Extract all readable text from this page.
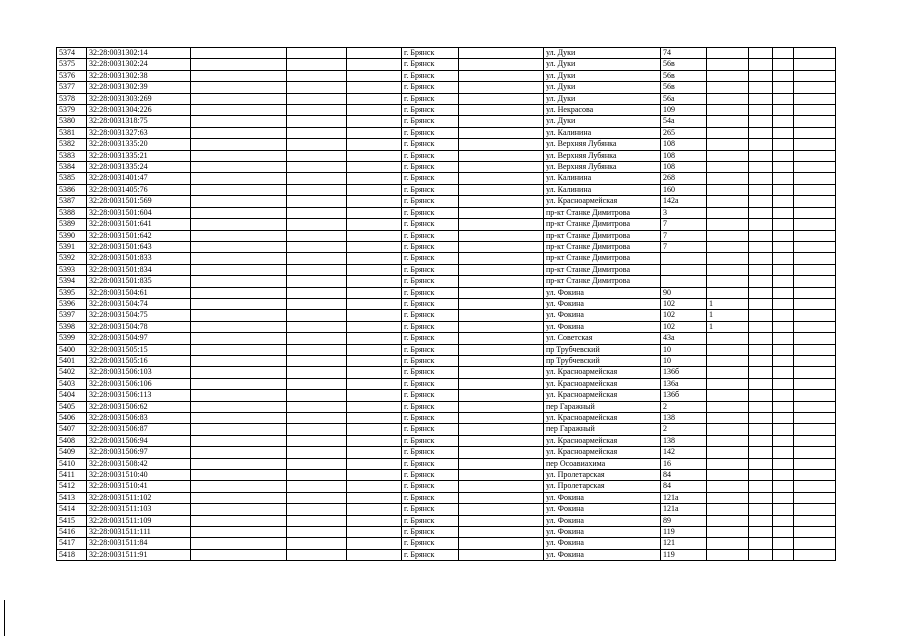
5374	32:28:0031302:14				г. Брянск		ул. Дуки	74				
5375	32:28:0031302:24				г. Брянск		ул. Дуки	56в				
5376	32:28:0031302:38				г. Брянск		ул. Дуки	56в				
5377	32:28:0031302:39				г. Брянск		ул. Дуки	56в				
5378	32:28:0031303:269				г. Брянск		ул. Дуки	56а				
5379	32:28:0031304:226				г. Брянск		ул. Некрасова	109				
5380	32:28:0031318:75				г. Брянск		ул. Дуки	54а				
5381	32:28:0031327:63				г. Брянск		ул. Калинина	265				
5382	32:28:0031335:20				г. Брянск		ул. Верхняя Лубянка	108				
5383	32:28:0031335:21				г. Брянск		ул. Верхняя Лубянка	108				
5384	32:28:0031335:24				г. Брянск		ул. Верхняя Лубянка	108				
5385	32:28:0031401:47				г. Брянск		ул. Калинина	268				
5386	32:28:0031405:76				г. Брянск		ул. Калинина	160				
5387	32:28:0031501:569				г. Брянск		ул. Красноармейская	142а				
5388	32:28:0031501:604				г. Брянск		пр-кт Станке Димитрова	3				
5389	32:28:0031501:641				г. Брянск		пр-кт Станке Димитрова	7				
5390	32:28:0031501:642				г. Брянск		пр-кт Станке Димитрова	7				
5391	32:28:0031501:643				г. Брянск		пр-кт Станке Димитрова	7				
5392	32:28:0031501:833				г. Брянск		пр-кт Станке Димитрова					
5393	32:28:0031501:834				г. Брянск		пр-кт Станке Димитрова					
5394	32:28:0031501:835				г. Брянск		пр-кт Станке Димитрова					
5395	32:28:0031504:61				г. Брянск		ул. Фокина	90				
5396	32:28:0031504:74				г. Брянск		ул. Фокина	102	1			
5397	32:28:0031504:75				г. Брянск		ул. Фокина	102	1			
5398	32:28:0031504:78				г. Брянск		ул. Фокина	102	1			
5399	32:28:0031504:97				г. Брянск		ул. Советская	43а				
5400	32:28:0031505:15				г. Брянск		пр Трубчевский	10				
5401	32:28:0031505:16				г. Брянск		пр Трубчевский	10				
5402	32:28:0031506:103				г. Брянск		ул. Красноармейская	136б				
5403	32:28:0031506:106				г. Брянск		ул. Красноармейская	136а				
5404	32:28:0031506:113				г. Брянск		ул. Красноармейская	136б				
5405	32:28:0031506:62				г. Брянск		пер Гаражный	2				
5406	32:28:0031506:83				г. Брянск		ул. Красноармейская	138				
5407	32:28:0031506:87				г. Брянск		пер Гаражный	2				
5408	32:28:0031506:94				г. Брянск		ул. Красноармейская	138				
5409	32:28:0031506:97				г. Брянск		ул. Красноармейская	142				
5410	32:28:0031508:42				г. Брянск		пер Осоавиахима	16				
5411	32:28:0031510:40				г. Брянск		ул. Пролетарская	84				
5412	32:28:0031510:41				г. Брянск		ул. Пролетарская	84				
5413	32:28:0031511:102				г. Брянск		ул. Фокина	121а				
5414	32:28:0031511:103				г. Брянск		ул. Фокина	121а				
5415	32:28:0031511:109				г. Брянск		ул. Фокина	89				
5416	32:28:0031511:111				г. Брянск		ул. Фокина	119				
5417	32:28:0031511:84				г. Брянск		ул. Фокина	121				
5418	32:28:0031511:91				г. Брянск		ул. Фокина	119				
